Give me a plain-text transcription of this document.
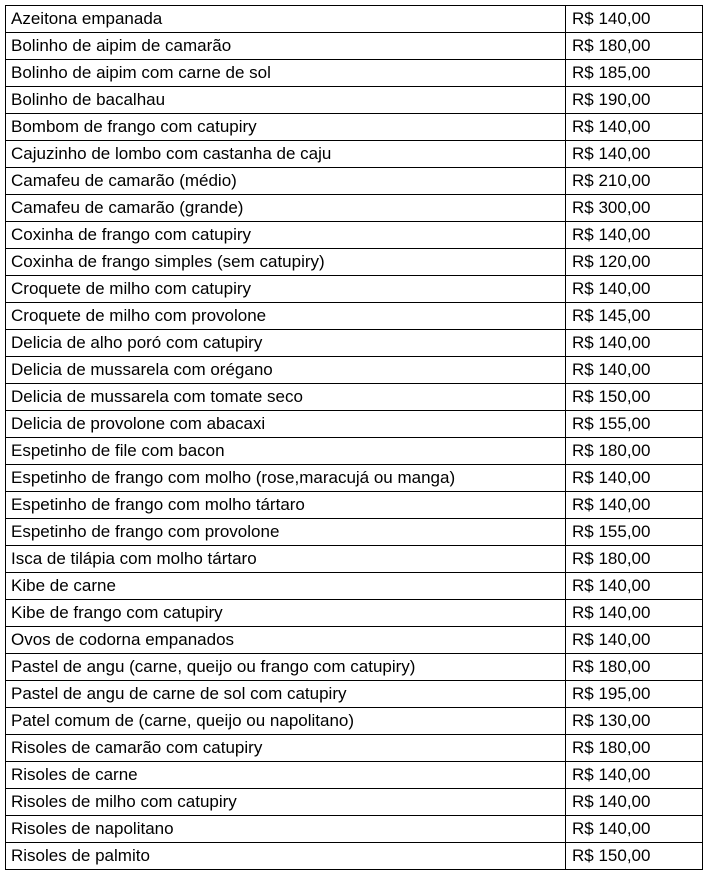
Azeitona empanada	R$ 140,00
Bolinho de aipim de camarão	R$ 180,00
Bolinho de aipim com carne de sol	R$ 185,00
Bolinho de bacalhau	R$ 190,00
Bombom de frango com catupiry	R$ 140,00
Cajuzinho de lombo com castanha de caju	R$ 140,00
Camafeu de camarão (médio)	R$ 210,00
Camafeu de camarão (grande)	R$ 300,00
Coxinha de frango com catupiry	R$ 140,00
Coxinha de frango simples (sem catupiry)	R$ 120,00
Croquete de milho com catupiry	R$ 140,00
Croquete de milho com provolone	R$ 145,00
Delicia de alho poró com catupiry	R$ 140,00
Delicia de mussarela com orégano	R$ 140,00
Delicia de mussarela com tomate seco	R$ 150,00
Delicia de provolone com abacaxi	R$ 155,00
Espetinho de file com bacon	R$ 180,00
Espetinho de frango com molho (rose,maracujá ou manga)	R$ 140,00
Espetinho de frango com molho tártaro	R$ 140,00
Espetinho de frango com provolone	R$ 155,00
Isca de tilápia com molho tártaro	R$ 180,00
Kibe de carne	R$ 140,00
Kibe de frango com catupiry	R$ 140,00
Ovos de codorna empanados	R$ 140,00
Pastel de angu (carne, queijo ou frango com catupiry)	R$ 180,00
Pastel de angu de carne de sol com catupiry	R$ 195,00
Patel comum de (carne, queijo ou napolitano)	R$ 130,00
Risoles de camarão com catupiry	R$ 180,00
Risoles de carne	R$ 140,00
Risoles de milho com catupiry	R$ 140,00
Risoles de napolitano	R$ 140,00
Risoles de palmito	R$ 150,00
